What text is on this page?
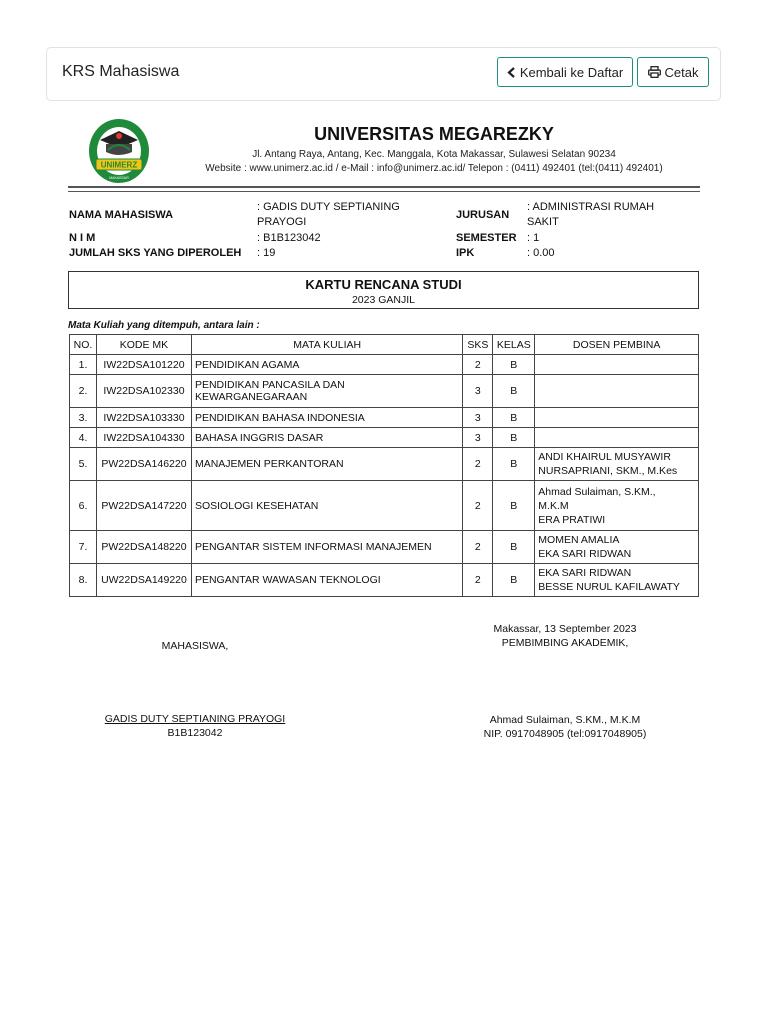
KRS Mahasiswa	Kembali ke Daftar	Cetak
UNIMERZ
MAKASSAR
UNIVERSITAS MEGAREZKY
Jl. Antang Raya, Antang, Kec. Manggala, Kota Makassar, Sulawesi Selatan 90234
Website : www.unimerz.ac.id / e-Mail : info@unimerz.ac.id/ Telepon : (0411) 492401 (tel:(0411) 492401)
NAMA MAHASISWA
: GADIS DUTY SEPTIANING
PRAYOGI
N I M	: B1B123042
JUMLAH SKS YANG DIPEROLEH : 19
JURUSAN
: ADMINISTRASI RUMAH
SAKIT
SEMESTER : 1
IPK	: 0.00
KARTU RENCANA STUDI
2023 GANJIL
Mata Kuliah yang ditempuh, antara lain :
NO.	KODE MK	MATA KULIAH	SKS	KELAS	DOSEN PEMBINA
1.	IW22DSA101220	PENDIDIKAN AGAMA	2	B	
2.	IW22DSA102330	PENDIDIKAN PANCASILA DAN KEWARGANEGARAAN	3	B	
3.	IW22DSA103330	PENDIDIKAN BAHASA INDONESIA	3	B	
4.	IW22DSA104330	BAHASA INGGRIS DASAR	3	B	
5.	PW22DSA146220	MANAJEMEN PERKANTORAN	2	B	ANDI KHAIRUL MUSYAWIR
NURSAPRIANI, SKM., M.Kes

6.	PW22DSA147220	SOSIOLOGI KESEHATAN	2	B	Ahmad Sulaiman, S.KM.,
M.K.M
ERA PRATIWI

7.	PW22DSA148220	PENGANTAR SISTEM INFORMASI MANAJEMEN	2	B	MOMEN AMALIA
EKA SARI RIDWAN

8.	UW22DSA149220	PENGANTAR WAWASAN TEKNOLOGI	2	B	EKA SARI RIDWAN
BESSE NURUL KAFILAWATY
MAHASISWA,
Makassar, 13 September 2023
PEMBIMBING AKADEMIK,
GADIS DUTY SEPTIANING PRAYOGI
B1B123042
Ahmad Sulaiman, S.KM., M.K.M
NIP. 0917048905 (tel:0917048905)
